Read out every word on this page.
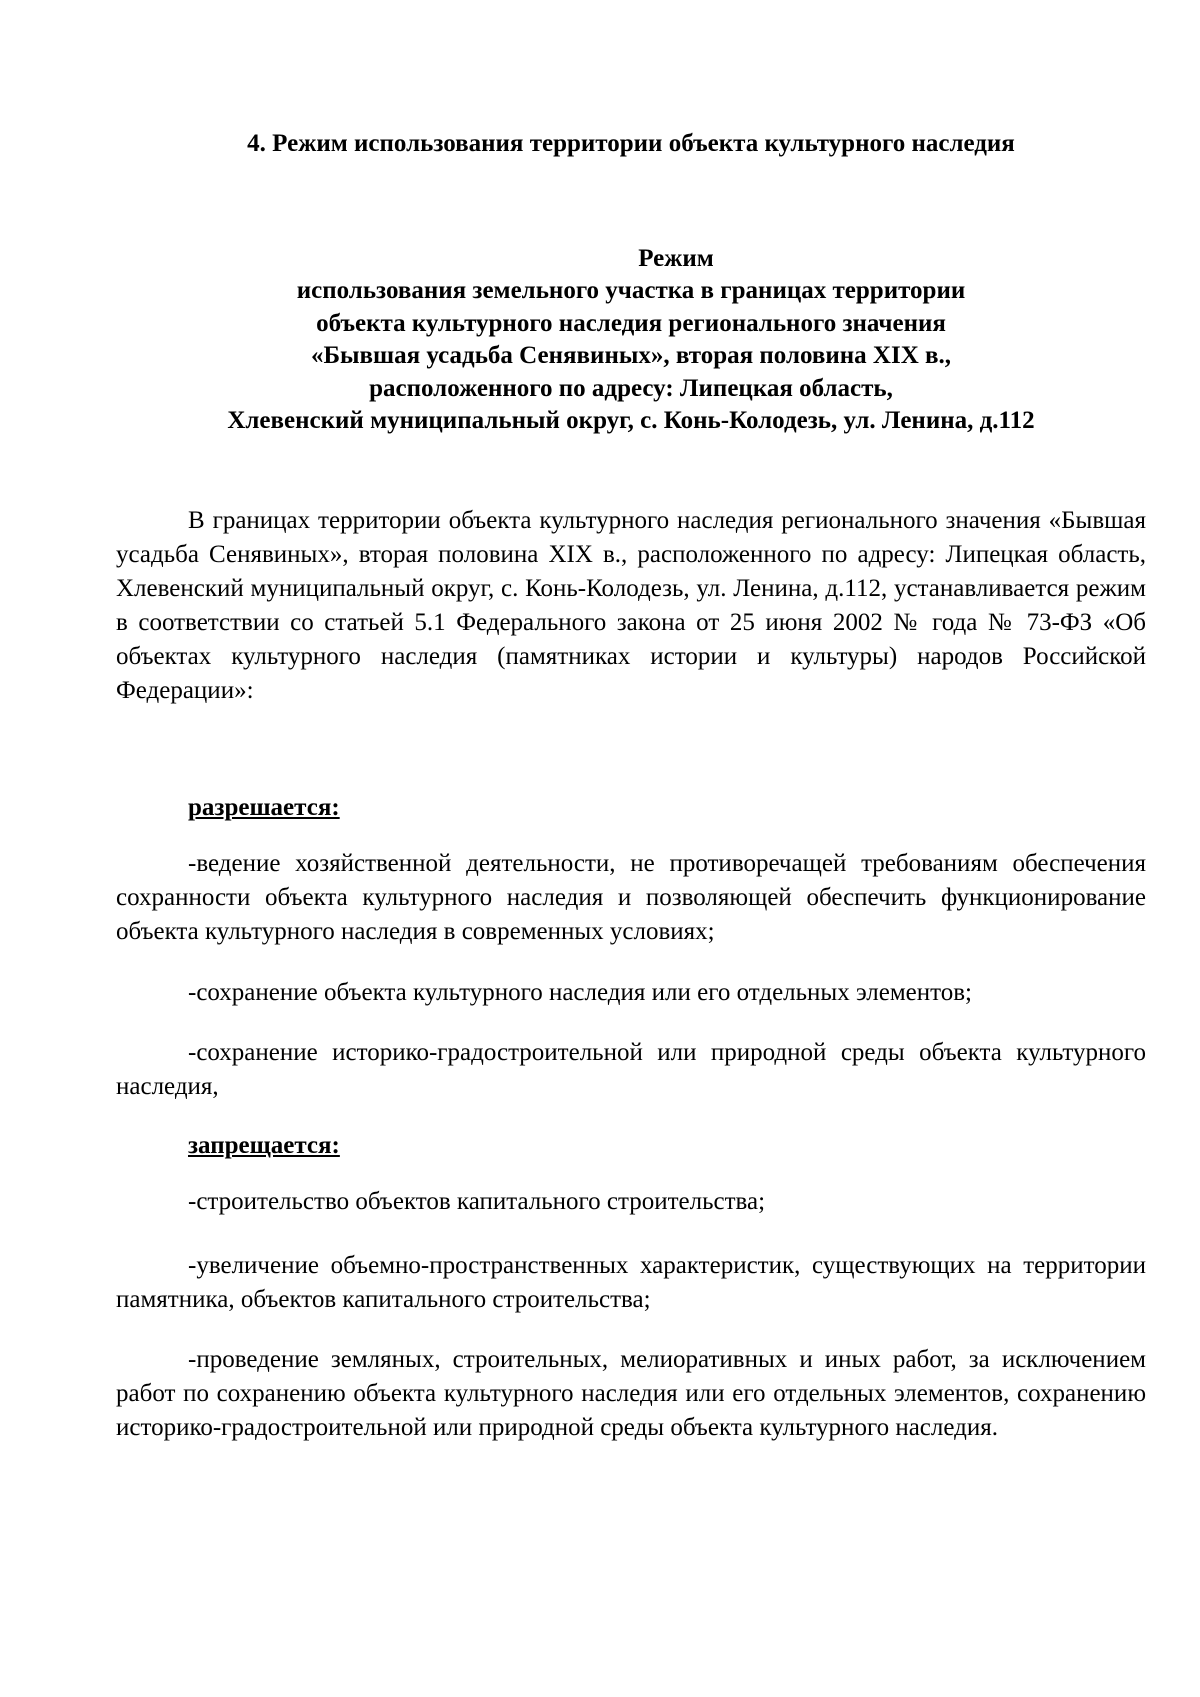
4. Режим использования территории объекта культурного наследия
Режим
использования земельного участка в границах территории
объекта культурного наследия регионального значения
«Бывшая усадьба Сенявиных», вторая половина XIX в.,
расположенного по адресу: Липецкая область,
Хлевенский муниципальный округ, с. Конь-Колодезь, ул. Ленина, д.112

В границах территории объекта культурного наследия регионального значения «Бывшая усадьба Сенявиных», вторая половина XIX в., расположенного по адресу: Липецкая область, Хлевенский муниципальный округ, с. Конь-Колодезь, ул. Ленина, д.112, устанавливается режим в соответствии со статьей 5.1 Федерального закона от 25 июня 2002 № года № 73-ФЗ «Об объектах культурного наследия (памятниках истории и культуры) народов Российской Федерации»:

разрешается:

-ведение хозяйственной деятельности, не противоречащей требованиям обеспечения сохранности объекта культурного наследия и позволяющей обеспечить функционирование объекта культурного наследия в современных условиях;

-сохранение объекта культурного наследия или его отдельных элементов;

-сохранение историко-градостроительной или природной среды объекта культурного наследия,

запрещается:

-строительство объектов капитального строительства;

-увеличение объемно-пространственных характеристик, существующих на территории памятника, объектов капитального строительства;

-проведение земляных, строительных, мелиоративных и иных работ, за исключением работ по сохранению объекта культурного наследия или его отдельных элементов, сохранению историко-градостроительной или природной среды объекта культурного наследия.
